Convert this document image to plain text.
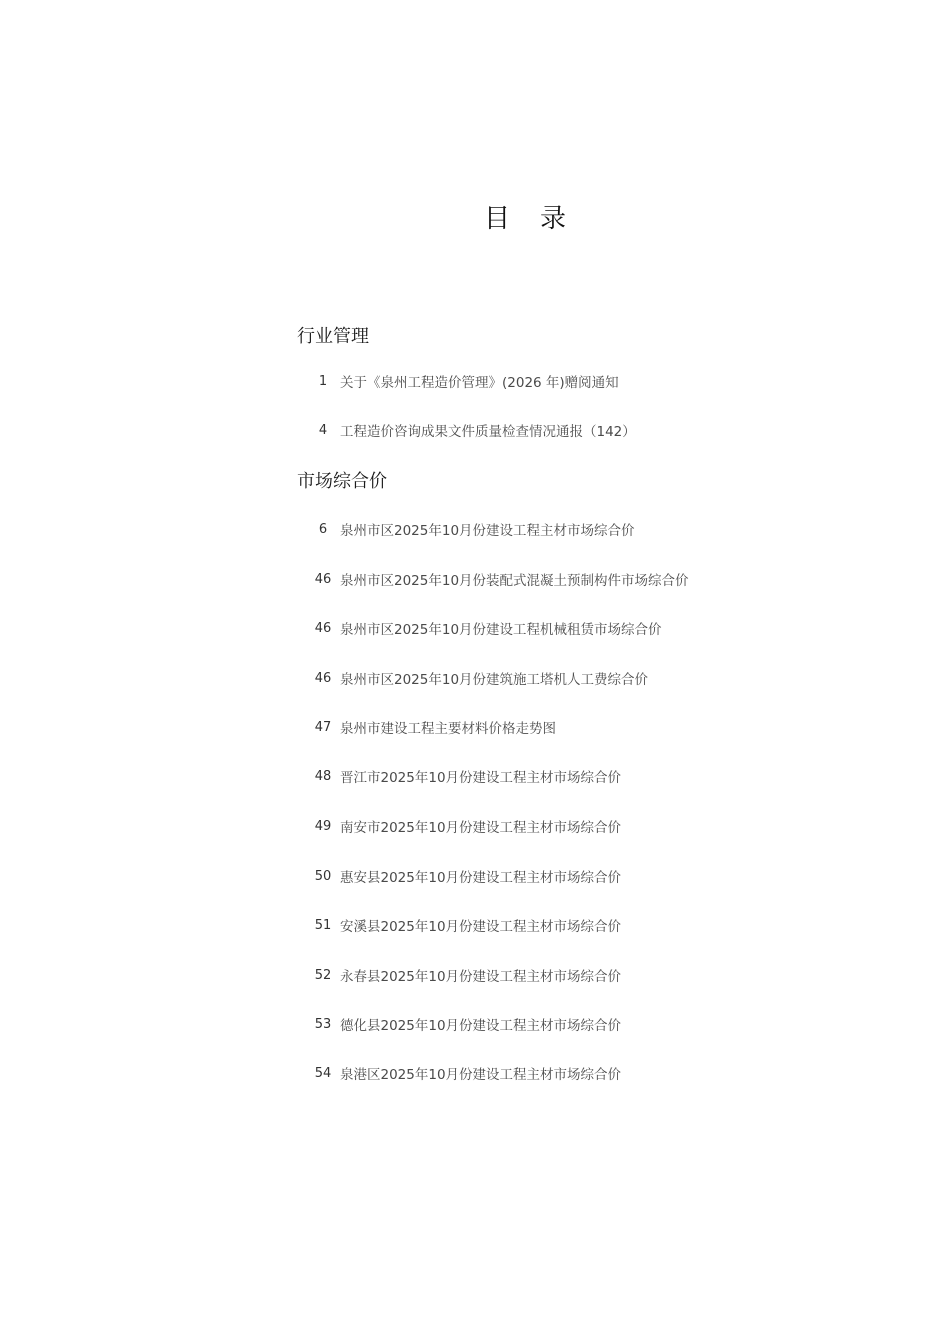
目录
行业管理
1 关于《泉州工程造价管理》(2026 年)赠阅通知
4 工程造价咨询成果文件质量检查情况通报（142）
市场综合价
6 泉州市区2025年10月份建设工程主材市场综合价
46 泉州市区2025年10月份装配式混凝土预制构件市场综合价
46 泉州市区2025年10月份建设工程机械租赁市场综合价
46 泉州市区2025年10月份建筑施工塔机人工费综合价
47 泉州市建设工程主要材料价格走势图
48 晋江市2025年10月份建设工程主材市场综合价
49 南安市2025年10月份建设工程主材市场综合价
50 惠安县2025年10月份建设工程主材市场综合价
51 安溪县2025年10月份建设工程主材市场综合价
52 永春县2025年10月份建设工程主材市场综合价
53 德化县2025年10月份建设工程主材市场综合价
54 泉港区2025年10月份建设工程主材市场综合价
